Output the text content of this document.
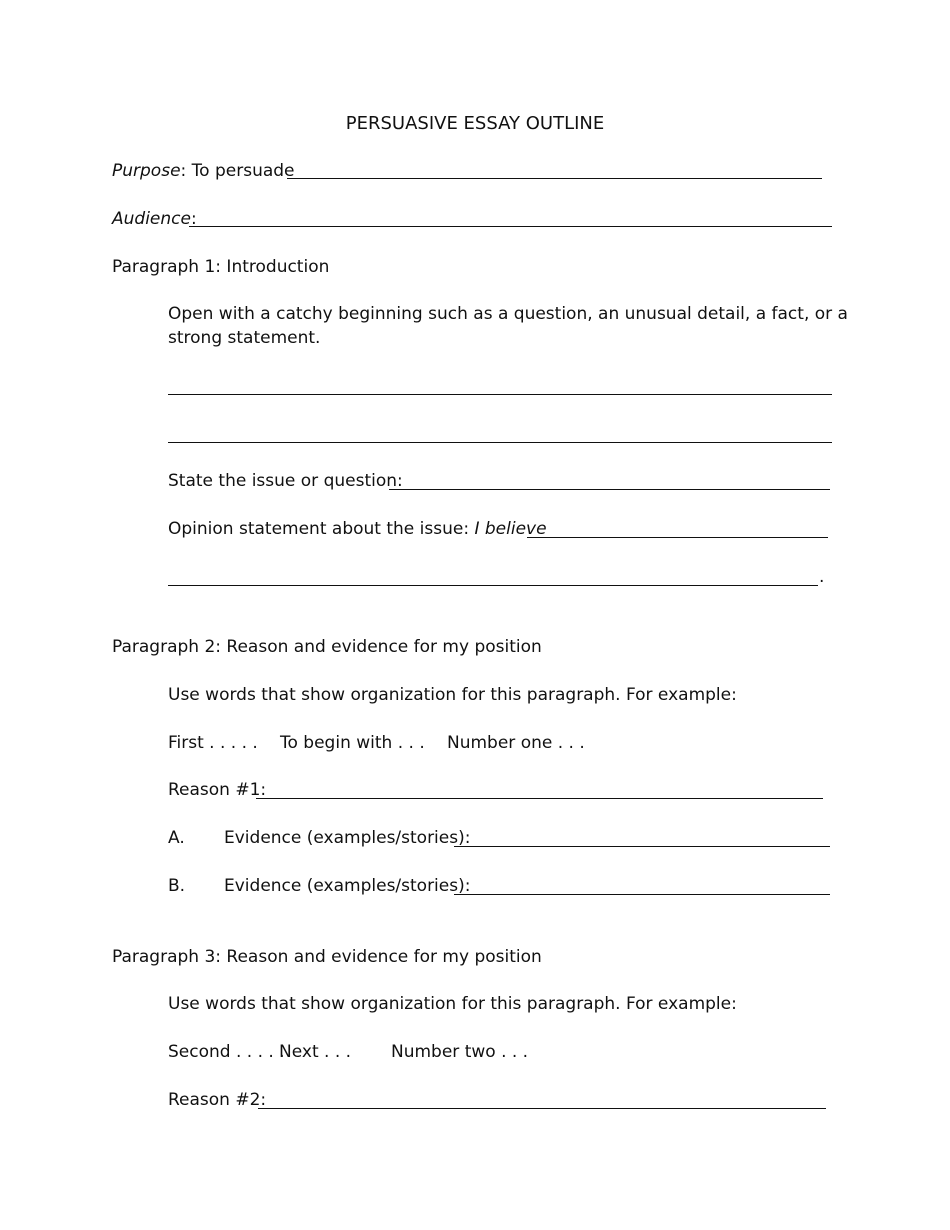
PERSUASIVE ESSAY OUTLINE
Purpose: To persuade
Audience:
Paragraph 1: Introduction
Open with a catchy beginning such as a question, an unusual detail, a fact, or a
strong statement.
State the issue or question:
Opinion statement about the issue: I believe
.
Paragraph 2: Reason and evidence for my position
Use words that show organization for this paragraph. For example:
First . . . . . To begin with . . . Number one . . .
Reason #1:
A. Evidence (examples/stories):
B. Evidence (examples/stories):
Paragraph 3: Reason and evidence for my position
Use words that show organization for this paragraph. For example:
Second . . . . .
Next . . . Number two . . .
Reason #2:
